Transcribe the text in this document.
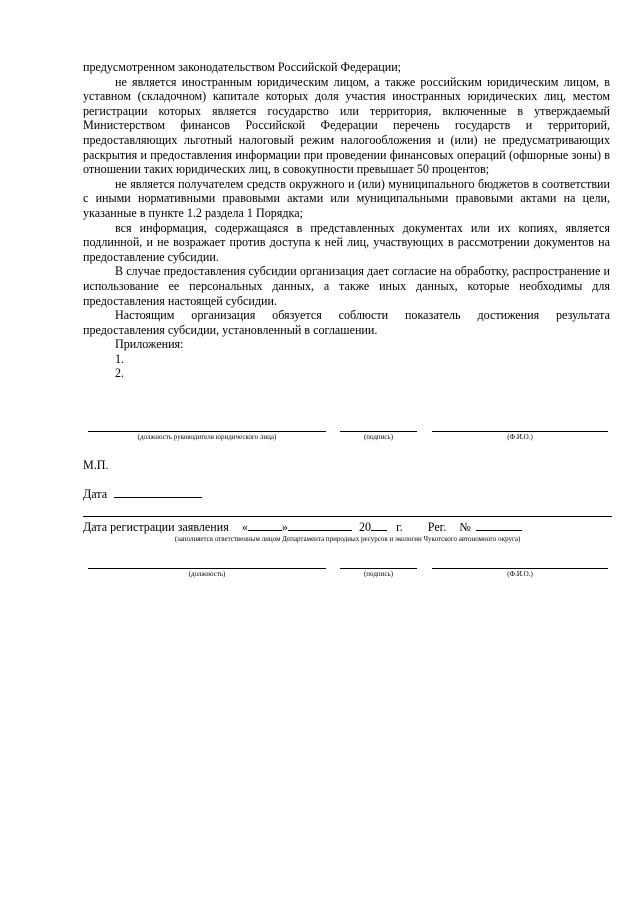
предусмотренном законодательством Российской Федерации;

не является иностранным юридическим лицом, а также российским юридическим лицом, в уставном (складочном) капитале которых доля участия иностранных юридических лиц, местом регистрации которых является государство или территория, включенные в утверждаемый Министерством финансов Российской Федерации перечень государств и территорий, предоставляющих льготный налоговый режим налогообложения и (или) не предусматривающих раскрытия и предоставления информации при проведении финансовых операций (офшорные зоны) в отношении таких юридических лиц, в совокупности превышает 50 процентов;

не является получателем средств окружного и (или) муниципального бюджетов в соответствии с иными нормативными правовыми актами или муниципальными правовыми актами на цели, указанные в пункте 1.2 раздела 1 Порядка;

вся информация, содержащаяся в представленных документах или их копиях, является подлинной, и не возражает против доступа к ней лиц, участвующих в рассмотрении документов на предоставление субсидии.

В случае предоставления субсидии организация дает согласие на обработку, распространение и использование ее персональных данных, а также иных данных, которые необходимы для предоставления настоящей субсидии.

Настоящим организация обязуется соблюсти показатель достижения результата предоставления субсидии, установленный в соглашении.

Приложения:

1.

2.

(должность руководителя юридического лица)	(подпись)	(Ф.И.О.)
М.П.
Дата
Дата регистрации заявления «	»	20 г. Рег. №
(заполняется ответственным лицом Департамента природных ресурсов и экологии Чукотского автономного округа)
(должность)	(подпись)	(Ф.И.О.)
